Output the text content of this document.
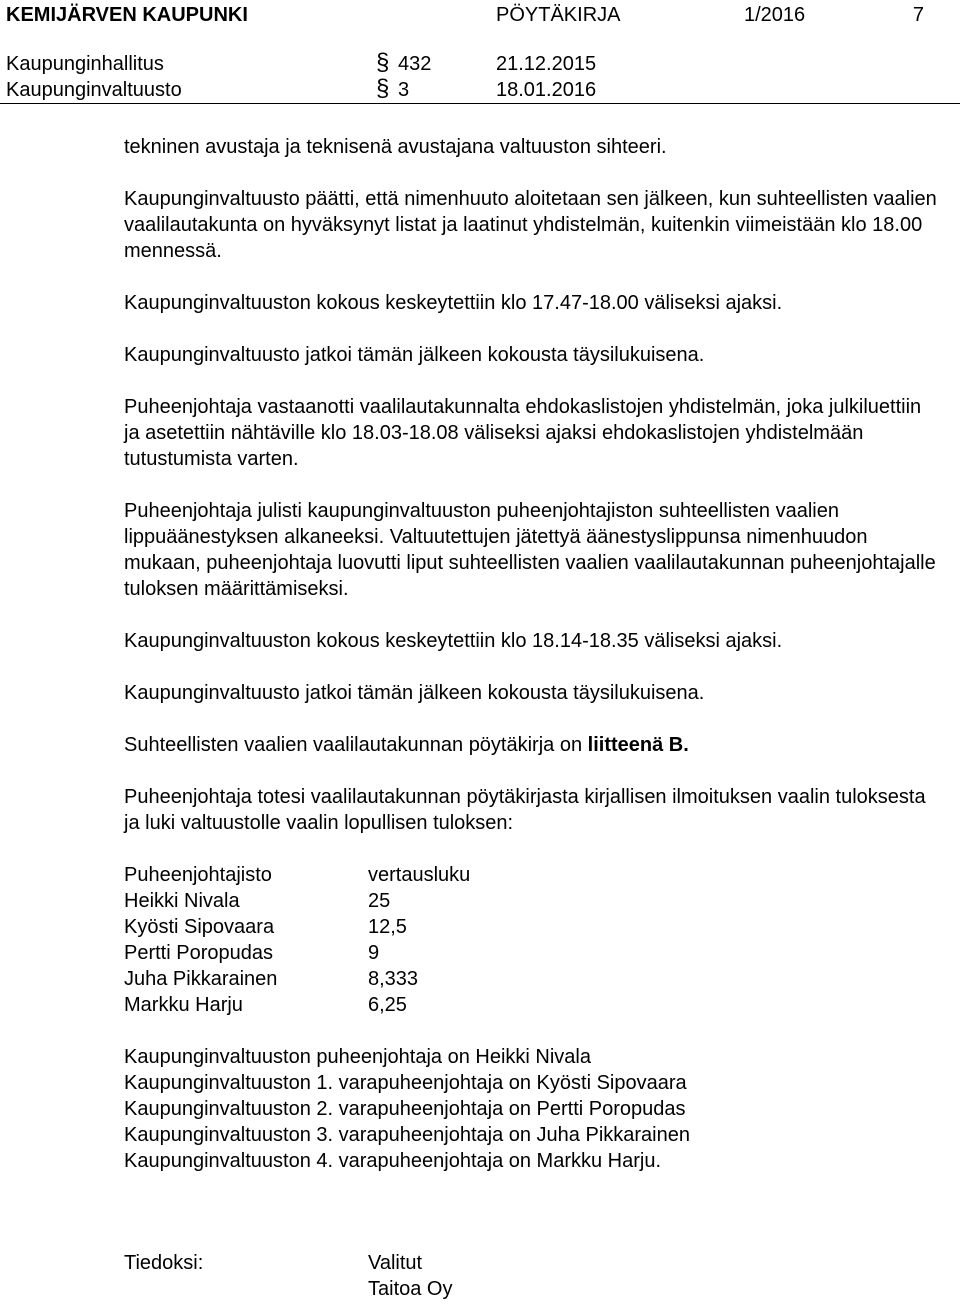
KEMIJÄRVEN KAUPUNKI	PÖYTÄKIRJA	1/2016	7
Kaupunginhallitus	§ 432	21.12.2015
Kaupunginvaltuusto	§ 3	18.01.2016

tekninen avustaja ja teknisenä avustajana valtuuston sihteeri.

Kaupunginvaltuusto päätti, että nimenhuuto aloitetaan sen jälkeen, kun suhteellisten vaalien vaalilautakunta on hyväksynyt listat ja laatinut yhdistelmän, kuitenkin viimeistään klo 18.00 mennessä.

Kaupunginvaltuuston kokous keskeytettiin klo 17.47-18.00 väliseksi ajaksi.

Kaupunginvaltuusto jatkoi tämän jälkeen kokousta täysilukuisena.

Puheenjohtaja vastaanotti vaalilautakunnalta ehdokaslistojen yhdistelmän, joka julkiluettiin ja asetettiin nähtäville klo 18.03-18.08 väliseksi ajaksi ehdokaslistojen yhdistelmään tutustumista varten.

Puheenjohtaja julisti kaupunginvaltuuston puheenjohtajiston suhteellisten vaalien lippuäänestyksen alkaneeksi. Valtuutettujen jätettyä äänestyslippunsa nimenhuudon mukaan, puheenjohtaja luovutti liput suhteellisten vaalien vaalilautakunnan puheenjohtajalle tuloksen määrittämiseksi.

Kaupunginvaltuuston kokous keskeytettiin klo 18.14-18.35 väliseksi ajaksi.

Kaupunginvaltuusto jatkoi tämän jälkeen kokousta täysilukuisena.

Suhteellisten vaalien vaalilautakunnan pöytäkirja on liitteenä B.

Puheenjohtaja totesi vaalilautakunnan pöytäkirjasta kirjallisen ilmoituksen vaalin tuloksesta ja luki valtuustolle vaalin lopullisen tuloksen:

Puheenjohtajisto	vertausluku
Heikki Nivala	25
Kyösti Sipovaara	12,5
Pertti Poropudas	9
Juha Pikkarainen	8,333
Markku Harju	6,25
Kaupunginvaltuuston puheenjohtaja on Heikki Nivala
Kaupunginvaltuuston 1. varapuheenjohtaja on Kyösti Sipovaara
Kaupunginvaltuuston 2. varapuheenjohtaja on Pertti Poropudas
Kaupunginvaltuuston 3. varapuheenjohtaja on Juha Pikkarainen
Kaupunginvaltuuston 4. varapuheenjohtaja on Markku Harju.
Tiedoksi:	Valitut
Taitoa Oy
